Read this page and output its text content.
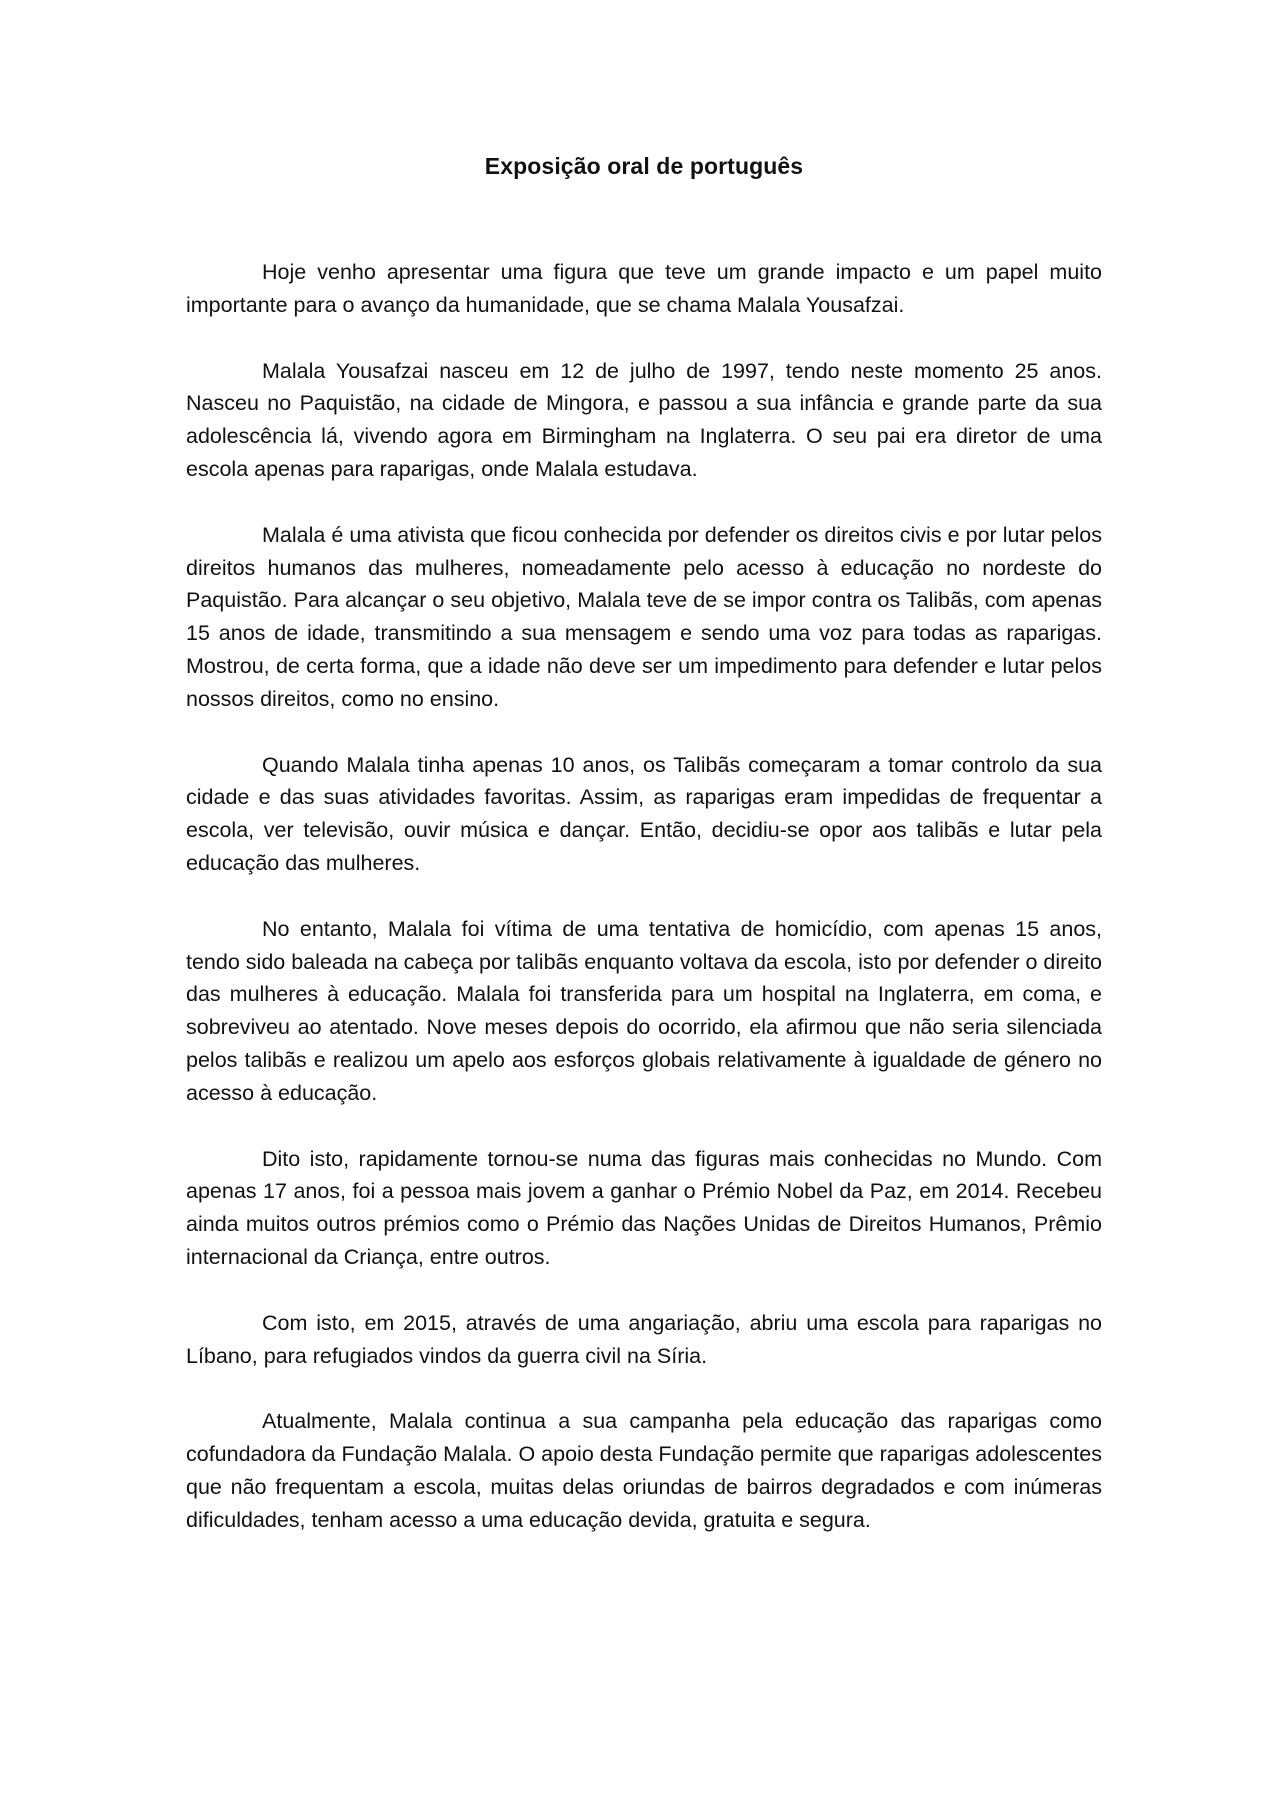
Exposição oral de português

Hoje venho apresentar uma figura que teve um grande impacto e um papel muito importante para o avanço da humanidade, que se chama Malala Yousafzai.

Malala Yousafzai nasceu em 12 de julho de 1997, tendo neste momento 25 anos. Nasceu no Paquistão, na cidade de Mingora, e passou a sua infância e grande parte da sua adolescência lá, vivendo agora em Birmingham na Inglaterra. O seu pai era diretor de uma escola apenas para raparigas, onde Malala estudava.

Malala é uma ativista que ficou conhecida por defender os direitos civis e por lutar pelos direitos humanos das mulheres, nomeadamente pelo acesso à educação no nordeste do Paquistão. Para alcançar o seu objetivo, Malala teve de se impor contra os Talibãs, com apenas 15 anos de idade, transmitindo a sua mensagem e sendo uma voz para todas as raparigas. Mostrou, de certa forma, que a idade não deve ser um impedimento para defender e lutar pelos nossos direitos, como no ensino.

Quando Malala tinha apenas 10 anos, os Talibãs começaram a tomar controlo da sua cidade e das suas atividades favoritas. Assim, as raparigas eram impedidas de frequentar a escola, ver televisão, ouvir música e dançar. Então, decidiu-se opor aos talibãs e lutar pela educação das mulheres.

No entanto, Malala foi vítima de uma tentativa de homicídio, com apenas 15 anos, tendo sido baleada na cabeça por talibãs enquanto voltava da escola, isto por defender o direito das mulheres à educação. Malala foi transferida para um hospital na Inglaterra, em coma, e sobreviveu ao atentado. Nove meses depois do ocorrido, ela afirmou que não seria silenciada pelos talibãs e realizou um apelo aos esforços globais relativamente à igualdade de género no acesso à educação.

Dito isto, rapidamente tornou-se numa das figuras mais conhecidas no Mundo. Com apenas 17 anos, foi a pessoa mais jovem a ganhar o Prémio Nobel da Paz, em 2014. Recebeu ainda muitos outros prémios como o Prémio das Nações Unidas de Direitos Humanos, Prêmio internacional da Criança, entre outros.

Com isto, em 2015, através de uma angariação, abriu uma escola para raparigas no Líbano, para refugiados vindos da guerra civil na Síria.

Atualmente, Malala continua a sua campanha pela educação das raparigas como cofundadora da Fundação Malala. O apoio desta Fundação permite que raparigas adolescentes que não frequentam a escola, muitas delas oriundas de bairros degradados e com inúmeras dificuldades, tenham acesso a uma educação devida, gratuita e segura.
